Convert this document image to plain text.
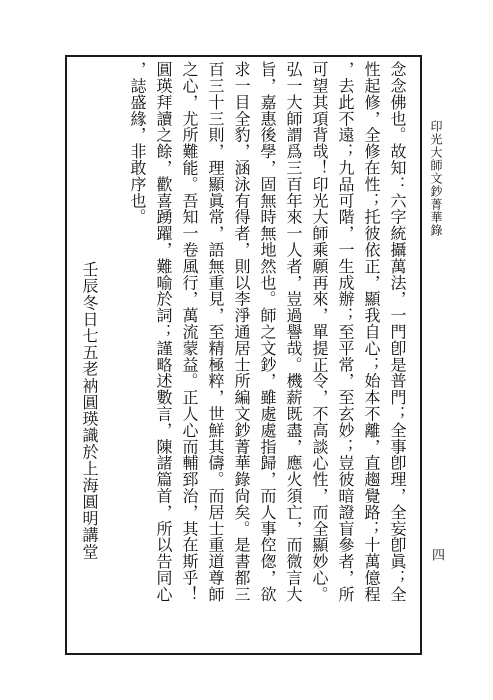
印光大師文鈔菁華錄
四
念念佛也。故知：六字統攝萬法，一門卽是普門；全事卽理，全妄卽眞；全
性起修，全修在性；托彼依正，顯我自心；始本不離，直趨覺路；十萬億程
，去此不遠；九品可階，一生成辦；至平常，至玄妙；豈彼暗證盲參者，所
可望其項背哉！印光大師乘願再來，單提正令，不高談心性，而全顯妙心。
弘一大師謂爲三百年來一人者，豈過譽哉。機薪既盡，應火須亡，而微言大
旨，嘉惠後學，固無時無地然也。師之文鈔，雖處處指歸，而人事倥偬，欲
求一目全豹，涵泳有得者，則以李淨通居士所編文鈔菁華錄尙矣。是書都三
百三十三則，理顯眞常，語無重見，至精極粹，世鮮其儔。而居士重道尊師
之心，尤所難能。吾知一卷風行，萬流蒙益。正人心而輔郅治，其在斯乎！
圓瑛拜讀之餘，歡喜踴躍，難喻於詞；謹略述數言，陳諸篇首，所以告同心
，誌盛緣，非敢序也。
壬辰冬日七五老衲圓瑛識於上海圓明講堂
